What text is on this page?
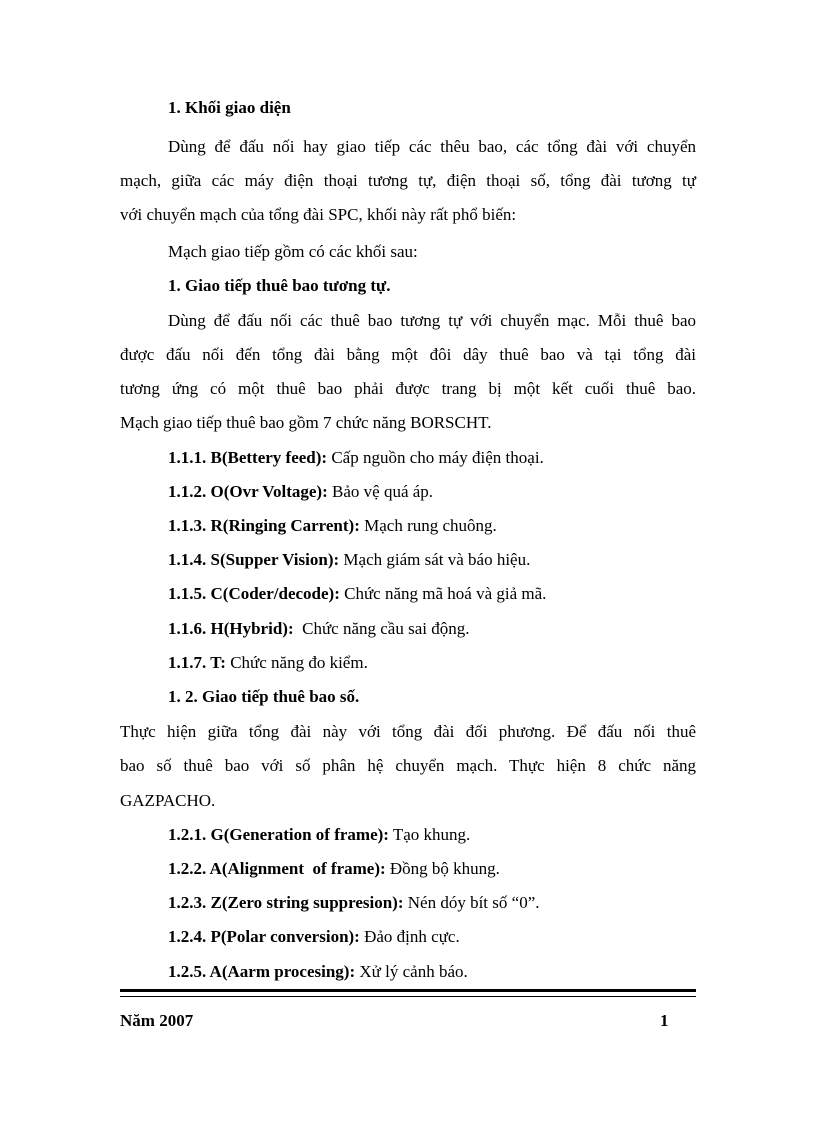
1. Khối giao diện
Dùng để đấu nối hay giao tiếp các thêu bao, các tổng đài với chuyển
mạch, giữa các máy điện thoại tương tự, điện thoại số, tổng đài tương tự
với chuyển mạch của tổng đài SPC, khối này rất phổ biến:
Mạch giao tiếp gồm có các khối sau:
1. Giao tiếp thuê bao tương tự.
Dùng để đấu nối các thuê bao tương tự với chuyển mạc. Mỗi thuê bao
được đấu nối đến tổng đài bằng một đôi dây thuê bao và tại tổng đài
tương ứng có một thuê bao phải được trang bị một kết cuối thuê bao.
Mạch giao tiếp thuê bao gồm 7 chức năng BORSCHT.
1.1.1. B(Bettery feed): Cấp nguồn cho máy điện thoại.
1.1.2. O(Ovr Voltage): Bảo vệ quá áp.
1.1.3. R(Ringing Carrent): Mạch rung chuông.
1.1.4. S(Supper Vision): Mạch giám sát và báo hiệu.
1.1.5. C(Coder/decode): Chức năng mã hoá và giả mã.
1.1.6. H(Hybrid):  Chức năng cầu sai động.
1.1.7. T: Chức năng đo kiểm.
1. 2. Giao tiếp thuê bao số.
Thực hiện giữa tổng đài này với tổng đài đối phương. Để đấu nối thuê
bao số thuê bao với số phân hệ chuyển mạch. Thực hiện 8 chức năng
GAZPACHO.
1.2.1. G(Generation of frame): Tạo khung.
1.2.2. A(Alignment  of frame): Đồng bộ khung.
1.2.3. Z(Zero string suppresion): Nén dóy bít số “0”.
1.2.4. P(Polar conversion): Đảo định cực.
1.2.5. A(Aarm procesing): Xử lý cảnh báo.
Năm 2007	1
